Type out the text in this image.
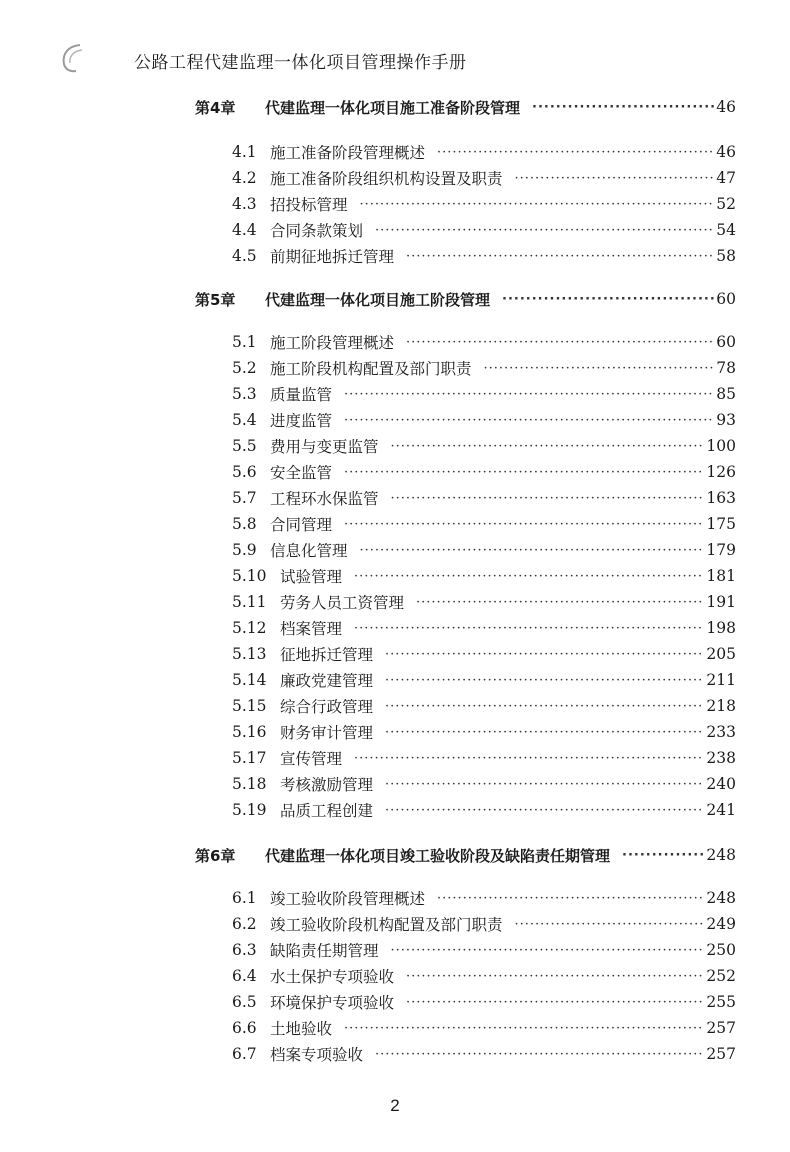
公路工程代建监理一体化项目管理操作手册
第4章	代建监理一体化项目施工准备阶段管理 ·····	46
4.1 施工准备阶段管理概述 ·····	46
4.2 施工准备阶段组织机构设置及职责 ·····	47
4.3 招投标管理 ·····	52
4.4 合同条款策划 ·····	54
4.5 前期征地拆迁管理 ·····	58
第5章	代建监理一体化项目施工阶段管理 ·····	60
5.1 施工阶段管理概述 ·····	60
5.2 施工阶段机构配置及部门职责 ·····	78
5.3 质量监管 ·····	85
5.4 进度监管 ·····	93
5.5 费用与变更监管 ·····	100
5.6 安全监管 ·····	126
5.7 工程环水保监管 ·····	163
5.8 合同管理 ·····	175
5.9 信息化管理 ·····	179
5.10 试验管理 ·····	181
5.11 劳务人员工资管理 ·····	191
5.12 档案管理 ·····	198
5.13 征地拆迁管理 ·····	205
5.14 廉政党建管理 ·····	211
5.15 综合行政管理 ·····	218
5.16 财务审计管理 ·····	233
5.17 宣传管理 ·····	238
5.18 考核激励管理 ·····	240
5.19 品质工程创建 ·····	241
第6章	代建监理一体化项目竣工验收阶段及缺陷责任期管理 ·····	248
6.1 竣工验收阶段管理概述 ·····	248
6.2 竣工验收阶段机构配置及部门职责 ·····	249
6.3 缺陷责任期管理 ·····	250
6.4 水土保护专项验收 ·····	252
6.5 环境保护专项验收 ·····	255
6.6 土地验收 ·····	257
6.7 档案专项验收 ·····	257
2
